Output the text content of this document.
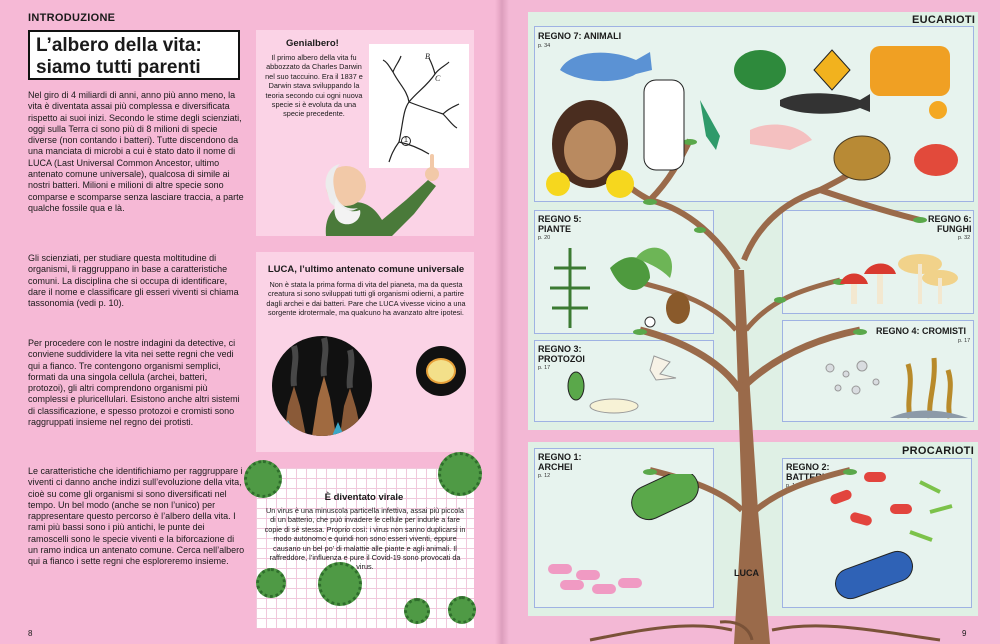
INTRODUZIONE
L’albero della vita: siamo tutti parenti
Nel giro di 4 miliardi di anni, anno più anno meno, la vita è diventata assai più complessa e diversificata rispetto ai suoi inizi. Secondo le stime degli scienziati, oggi sulla Terra ci sono più di 8 milioni di specie diverse (non contando i batteri). Tutte discendono da una manciata di microbi a cui è stato dato il nome di LUCA (Last Universal Common Ancestor, ultimo antenato comune universale), qualcosa di simile ai nostri batteri. Milioni e milioni di altre specie sono comparse e scomparse senza lasciare traccia, a parte qualche fossile qua e là.
Gli scienziati, per studiare questa moltitudine di organismi, li raggruppano in base a caratteristiche comuni. La disciplina che si occupa di identificare, dare il nome e classificare gli esseri viventi si chiama tassonomia (vedi p. 10).
Per procedere con le nostre indagini da detective, ci conviene suddividere la vita nei sette regni che vedi qui a fianco. Tre contengono organismi semplici, formati da una singola cellula (archei, batteri, protozoi), gli altri comprendono organismi più complessi e pluricellulari. Esistono anche altri sistemi di classificazione, e spesso protozoi e cromisti sono raggruppati insieme nel regno dei protisti.
Le caratteristiche che identifichiamo per raggruppare i viventi ci danno anche indizi sull’evoluzione della vita, cioè su come gli organismi si sono diversificati nel tempo. Un bel modo (anche se non l’unico) per rappresentare questo percorso è l’albero della vita. I rami più bassi sono i più antichi, le punte dei ramoscelli sono le specie viventi e la biforcazione di un ramo indica un antenato comune. Cerca nell’albero qui a fianco i sette regni che esploreremo insieme.
8
Genialbero!
Il primo albero della vita fu abbozzato da Charles Darwin nel suo taccuino. Era il 1837 e Darwin stava sviluppando la teoria secondo cui ogni nuova specie si è evoluta da una specie precedente.
B
C
1
LUCA, l’ultimo antenato comune universale
Non è stata la prima forma di vita del pianeta, ma da questa creatura si sono sviluppati tutti gli organismi odierni, a partire dagli archei e dai batteri. Pare che LUCA vivesse vicino a una sorgente idrotermale, ma qualcuno ha avanzato altre ipotesi.
È diventato virale
Un virus è una minuscola particella infettiva, assai più piccola di un batterio, che può invadere le cellule per indurle a fare copie di sé stessa. Proprio così: i virus non sanno duplicarsi in modo autonomo e quindi non sono esseri viventi, eppure causano un bel po’ di malattie alle piante e agli animali. Il raffreddore, l’influenza e pure il Covid-19 sono provocati da virus.
EUCARIOTI
PROCARIOTI
REGNO 7: ANIMALI
p. 34
REGNO 5:
PIANTE
p. 20
REGNO 6:
FUNGHI
p. 32
REGNO 3:
PROTOZOI
p. 17
REGNO 4: CROMISTI
p. 17
REGNO 1:
ARCHEI
p. 12
REGNO 2:
BATTERI
p. 14
LUCA
9
